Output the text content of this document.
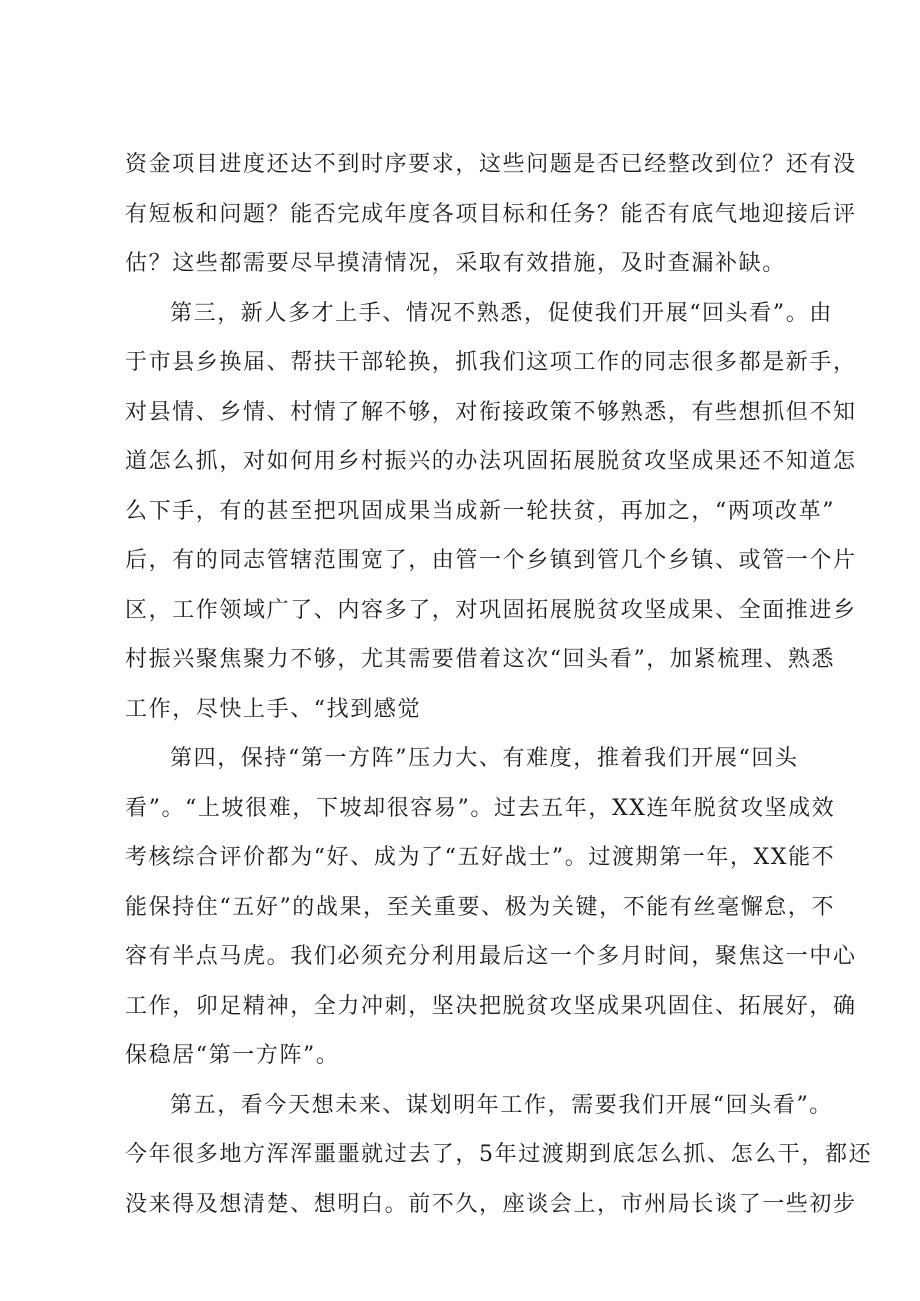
资金项目进度还达不到时序要求，这些问题是否已经整改到位？还有没
有短板和问题？能否完成年度各项目标和任务？能否有底气地迎接后评
估？这些都需要尽早摸清情况，采取有效措施，及时查漏补缺。
第三，新人多才上手、情况不熟悉，促使我们开展“回头看”。由
于市县乡换届、帮扶干部轮换，抓我们这项工作的同志很多都是新手，
对县情、乡情、村情了解不够，对衔接政策不够熟悉，有些想抓但不知
道怎么抓，对如何用乡村振兴的办法巩固拓展脱贫攻坚成果还不知道怎
么下手，有的甚至把巩固成果当成新一轮扶贫，再加之，“两项改革”
后，有的同志管辖范围宽了，由管一个乡镇到管几个乡镇、或管一个片
区，工作领域广了、内容多了，对巩固拓展脱贫攻坚成果、全面推进乡
村振兴聚焦聚力不够，尤其需要借着这次“回头看”，加紧梳理、熟悉
工作，尽快上手、“找到感觉
第四，保持“第一方阵”压力大、有难度，推着我们开展“回头
看”。“上坡很难，下坡却很容易”。过去五年，XX连年脱贫攻坚成效
考核综合评价都为“好、成为了“五好战士”。过渡期第一年，XX能不
能保持住“五好”的战果，至关重要、极为关键，不能有丝毫懈怠，不
容有半点马虎。我们必须充分利用最后这一个多月时间，聚焦这一中心
工作，卯足精神，全力冲刺，坚决把脱贫攻坚成果巩固住、拓展好，确
保稳居“第一方阵”。
第五，看今天想未来、谋划明年工作，需要我们开展“回头看”。
今年很多地方浑浑噩噩就过去了，5年过渡期到底怎么抓、怎么干，都还
没来得及想清楚、想明白。前不久，座谈会上，市州局长谈了一些初步
